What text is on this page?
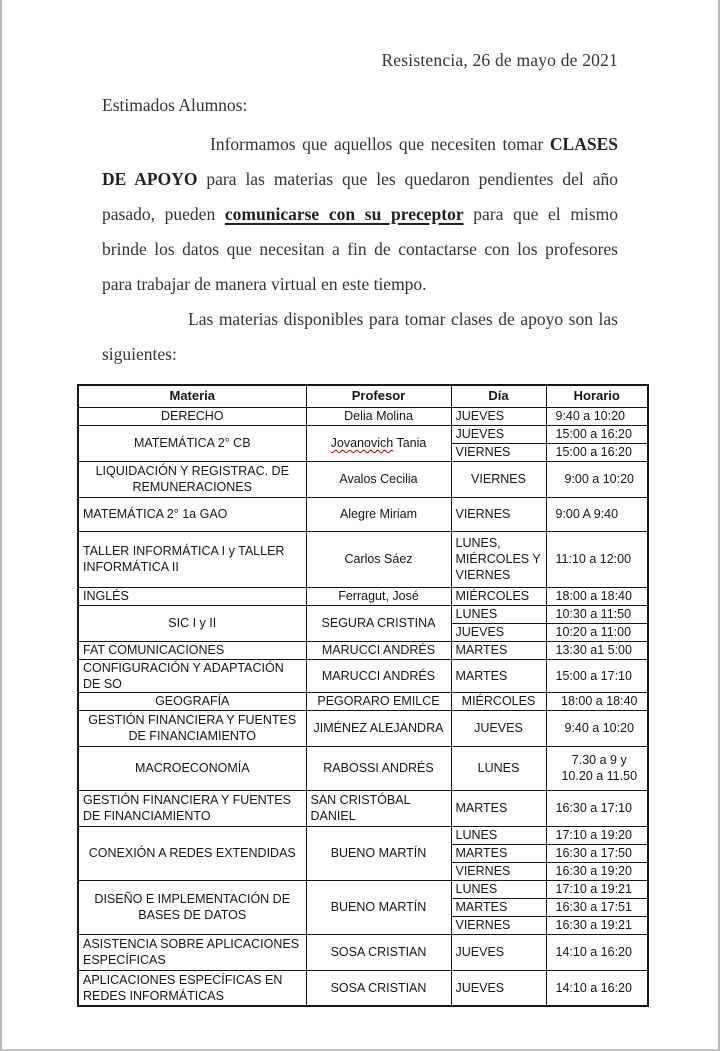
Resistencia, 26 de mayo de 2021
Estimados Alumnos:

Informamos que aquellos que necesiten tomar CLASES DE APOYO para las materias que les quedaron pendientes del año pasado, pueden comunicarse con su preceptor para que el mismo brinde los datos que necesitan a fin de contactarse con los profesores para trabajar de manera virtual en este tiempo.

Las materias disponibles para tomar clases de apoyo son las siguientes:

Materia	Profesor	Día	Horario
DERECHO	Delia Molina	JUEVES	9:40 a 10:20
MATEMÁTICA 2° CB	Jovanovich Tania	JUEVES	15:00 a 16:20
		VIERNES	15:00 a 16:20
LIQUIDACIÓN Y REGISTRAC. DE REMUNERACIONES	Avalos Cecilia	VIERNES	9:00 a 10:20
MATEMÁTICA 2° 1a GAO	Alegre Miriam	VIERNES	9:00 A 9:40
TALLER INFORMÁTICA I y TALLER INFORMÁTICA II	Carlos Sáez	LUNES, MIÉRCOLES Y VIERNES	11:10 a 12:00
INGLÉS	Ferragut, José	MIÉRCOLES	18:00 a 18:40
SIC I y II	SEGURA CRISTINA	LUNES	10:30 a 11:50
		JUEVES	10:20 a 11:00
FAT COMUNICACIONES	MARUCCI ANDRÉS	MARTES	13:30 a1 5:00
CONFIGURACIÓN Y ADAPTACIÓN DE SO	MARUCCI ANDRÉS	MARTES	15:00 a 17:10
GEOGRAFÍA	PEGORARO EMILCE	MIÉRCOLES	18:00 a 18:40
GESTIÓN FINANCIERA Y FUENTES DE FINANCIAMIENTO	JIMÉNEZ ALEJANDRA	JUEVES	9:40 a 10:20
MACROECONOMÍA	RABOSSI ANDRÉS	LUNES	7.30 a 9 y 10.20 a 11.50
GESTIÓN FINANCIERA Y FUENTES DE FINANCIAMIENTO	SAN CRISTÓBAL DANIEL	MARTES	16:30 a 17:10
CONEXIÓN A REDES EXTENDIDAS	BUENO MARTÍN	LUNES	17:10 a 19:20
		MARTES	16:30 a 17:50
		VIERNES	16:30 a 19:20
DISEÑO E IMPLEMENTACIÓN DE BASES DE DATOS	BUENO MARTÍN	LUNES	17:10 a 19:21
		MARTES	16:30 a 17:51
		VIERNES	16:30 a 19:21
ASISTENCIA SOBRE APLICACIONES ESPECÍFICAS	SOSA CRISTIAN	JUEVES	14:10 a 16:20
APLICACIONES ESPECÍFICAS EN REDES INFORMÁTICAS	SOSA CRISTIAN	JUEVES	14:10 a 16:20
